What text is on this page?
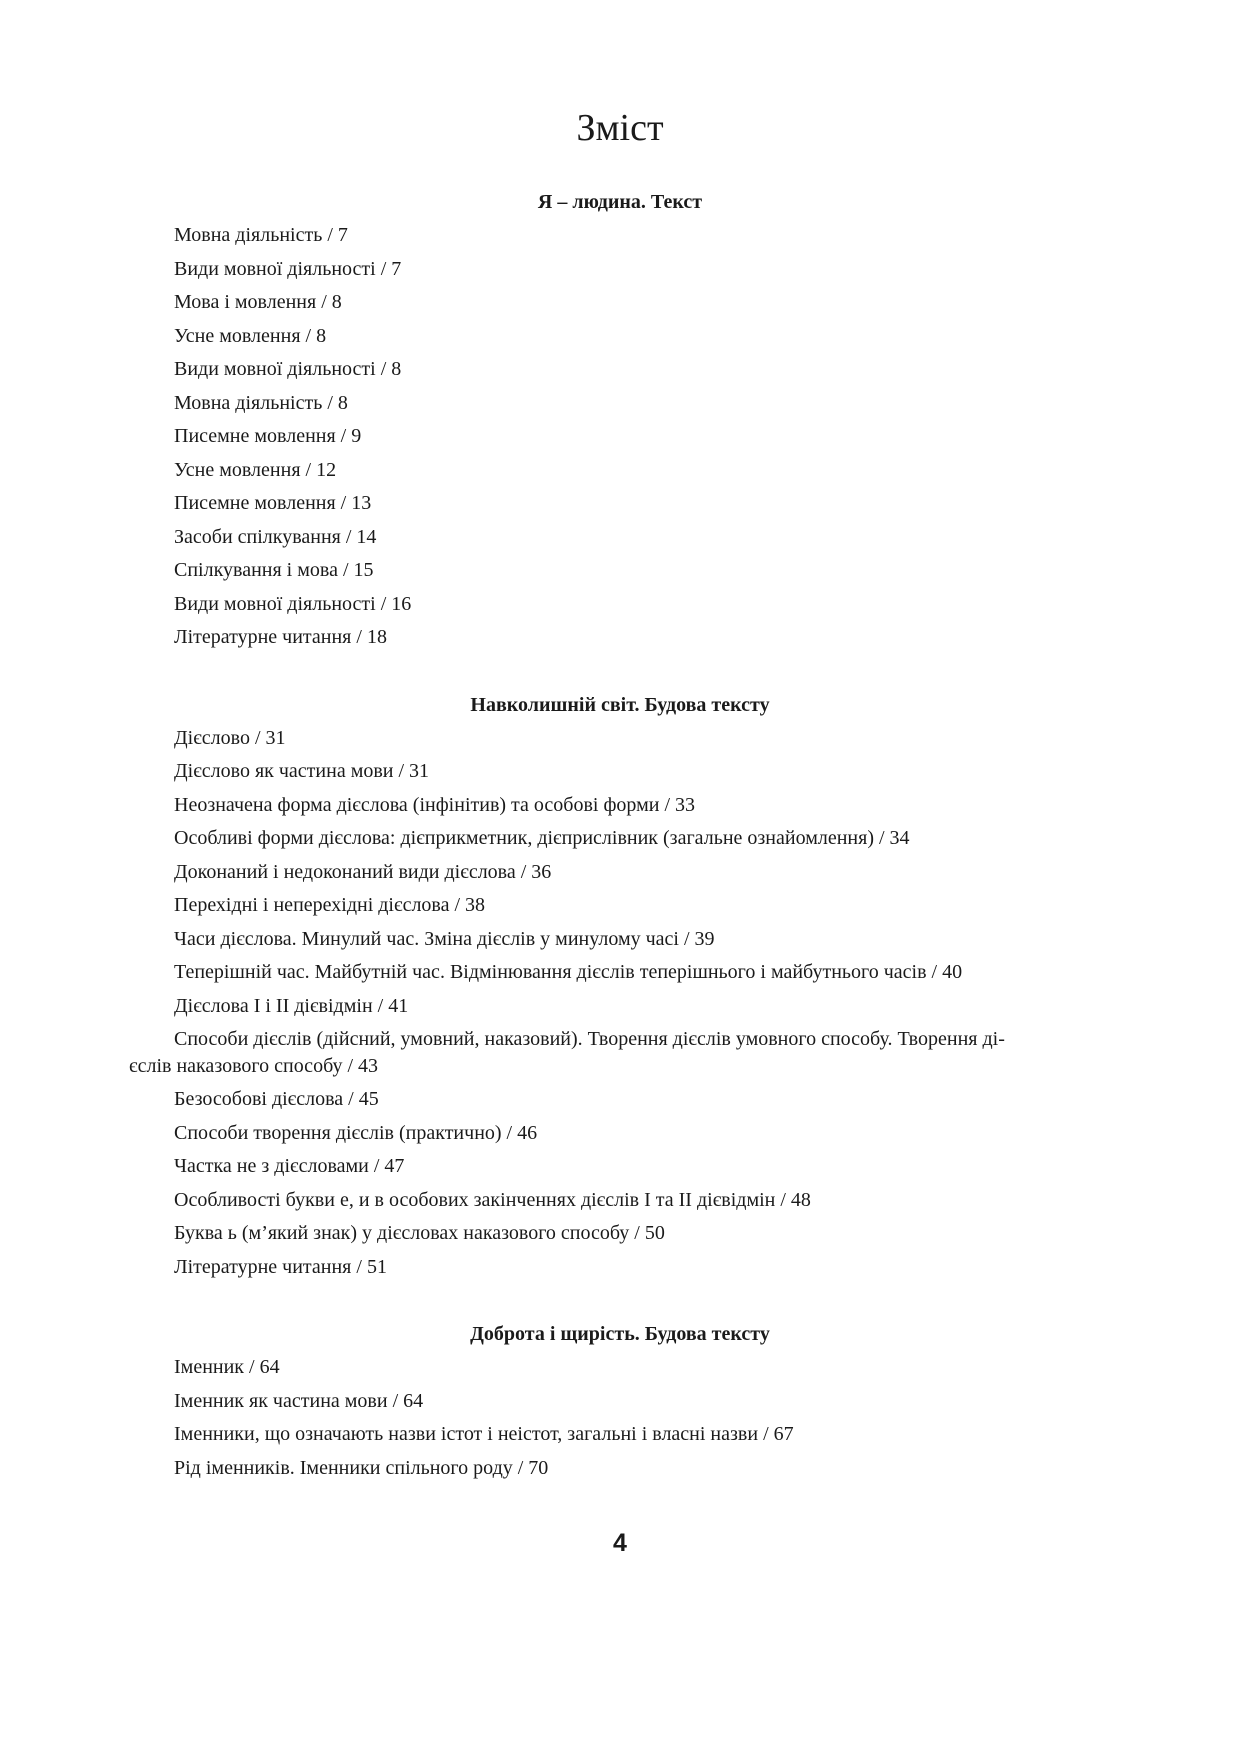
Зміст
Я – людина. Текст
Мовна діяльність / 7
Види мовної діяльності / 7
Мова і мовлення / 8
Усне мовлення / 8
Види мовної діяльності / 8
Мовна діяльність / 8
Писемне мовлення / 9
Усне мовлення / 12
Писемне мовлення / 13
Засоби спілкування / 14
Спілкування і мова / 15
Види мовної діяльності / 16
Літературне читання / 18
Навколишній світ. Будова тексту
Дієслово / 31
Дієслово як частина мови / 31
Неозначена форма дієслова (інфінітив) та особові форми / 33
Особливі форми дієслова: дієприкметник, дієприслівник (загальне ознайомлення) / 34
Доконаний і недоконаний види дієслова / 36
Перехідні і неперехідні дієслова / 38
Часи дієслова. Минулий час. Зміна дієслів у минулому часі / 39
Теперішній час. Майбутній час. Відмінювання дієслів теперішнього і майбутнього часів / 40
Дієслова І і ІІ дієвідмін / 41
Способи дієслів (дійсний, умовний, наказовий). Творення дієслів умовного способу. Творення ді-
єслів наказового способу / 43
Безособові дієслова / 45
Способи творення дієслів (практично) / 46
Частка не з дієсловами / 47
Особливості букви е, и в особових закінченнях дієслів І та ІІ дієвідмін / 48
Буква ь (м’який знак) у дієсловах наказового способу / 50
Літературне читання / 51
Доброта і щирість. Будова тексту
Іменник / 64
Іменник як частина мови / 64
Іменники, що означають назви істот і неістот, загальні і власні назви / 67
Рід іменників. Іменники спільного роду / 70
4
